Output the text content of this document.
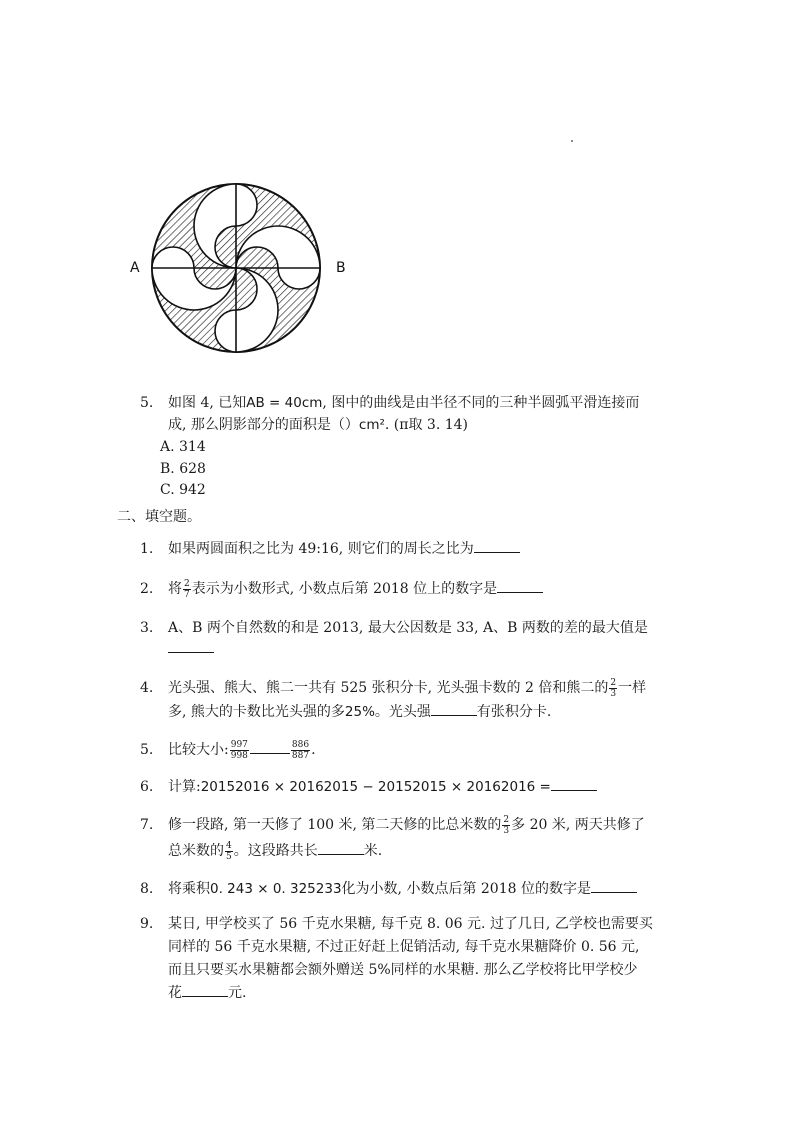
A	B
5. 如图 4, 已知AB = 40cm, 图中的曲线是由半径不同的三种半圆弧平滑连接而
成, 那么阴影部分的面积是（）cm². (π取 3. 14)
A. 314
B. 628
C. 942
二、填空题。
1. 如果两圆面积之比为 49:16, 则它们的周长之比为
2. 将 $\frac{2}{7}$ 表示为小数形式, 小数点后第 2018 位上的数字是
3. A、B 两个自然数的和是 2013, 最大公因数是 33, A、B 两数的差的最大值是
4. 光头强、熊大、熊二一共有 525 张积分卡, 光头强卡数的 2 倍和熊二的 $\frac{2}{3}$ 一样
多, 熊大的卡数比光头强的多25%。光头强	有张积分卡.
5. 比较大小: $\frac{997}{998}$	$\frac{886}{887}$ .
6. 计算:20152016 × 20162015 − 20152015 × 20162016 =
7. 修一段路, 第一天修了 100 米, 第二天修的比总米数的 $\frac{2}{3}$ 多 20 米, 两天共修了
总米数的 $\frac{4}{5}$ 。这段路共长	米.
8. 将乘积0. 2̇43̇ × 0. 32̇5233̇化为小数, 小数点后第 2018 位的数字是
9. 某日, 甲学校买了 56 千克水果糖, 每千克 8. 06 元. 过了几日, 乙学校也需要买
同样的 56 千克水果糖, 不过正好赶上促销活动, 每千克水果糖降价 0. 56 元,
而且只要买水果糖都会额外赠送 5%同样的水果糖. 那么乙学校将比甲学校少
花	元.
